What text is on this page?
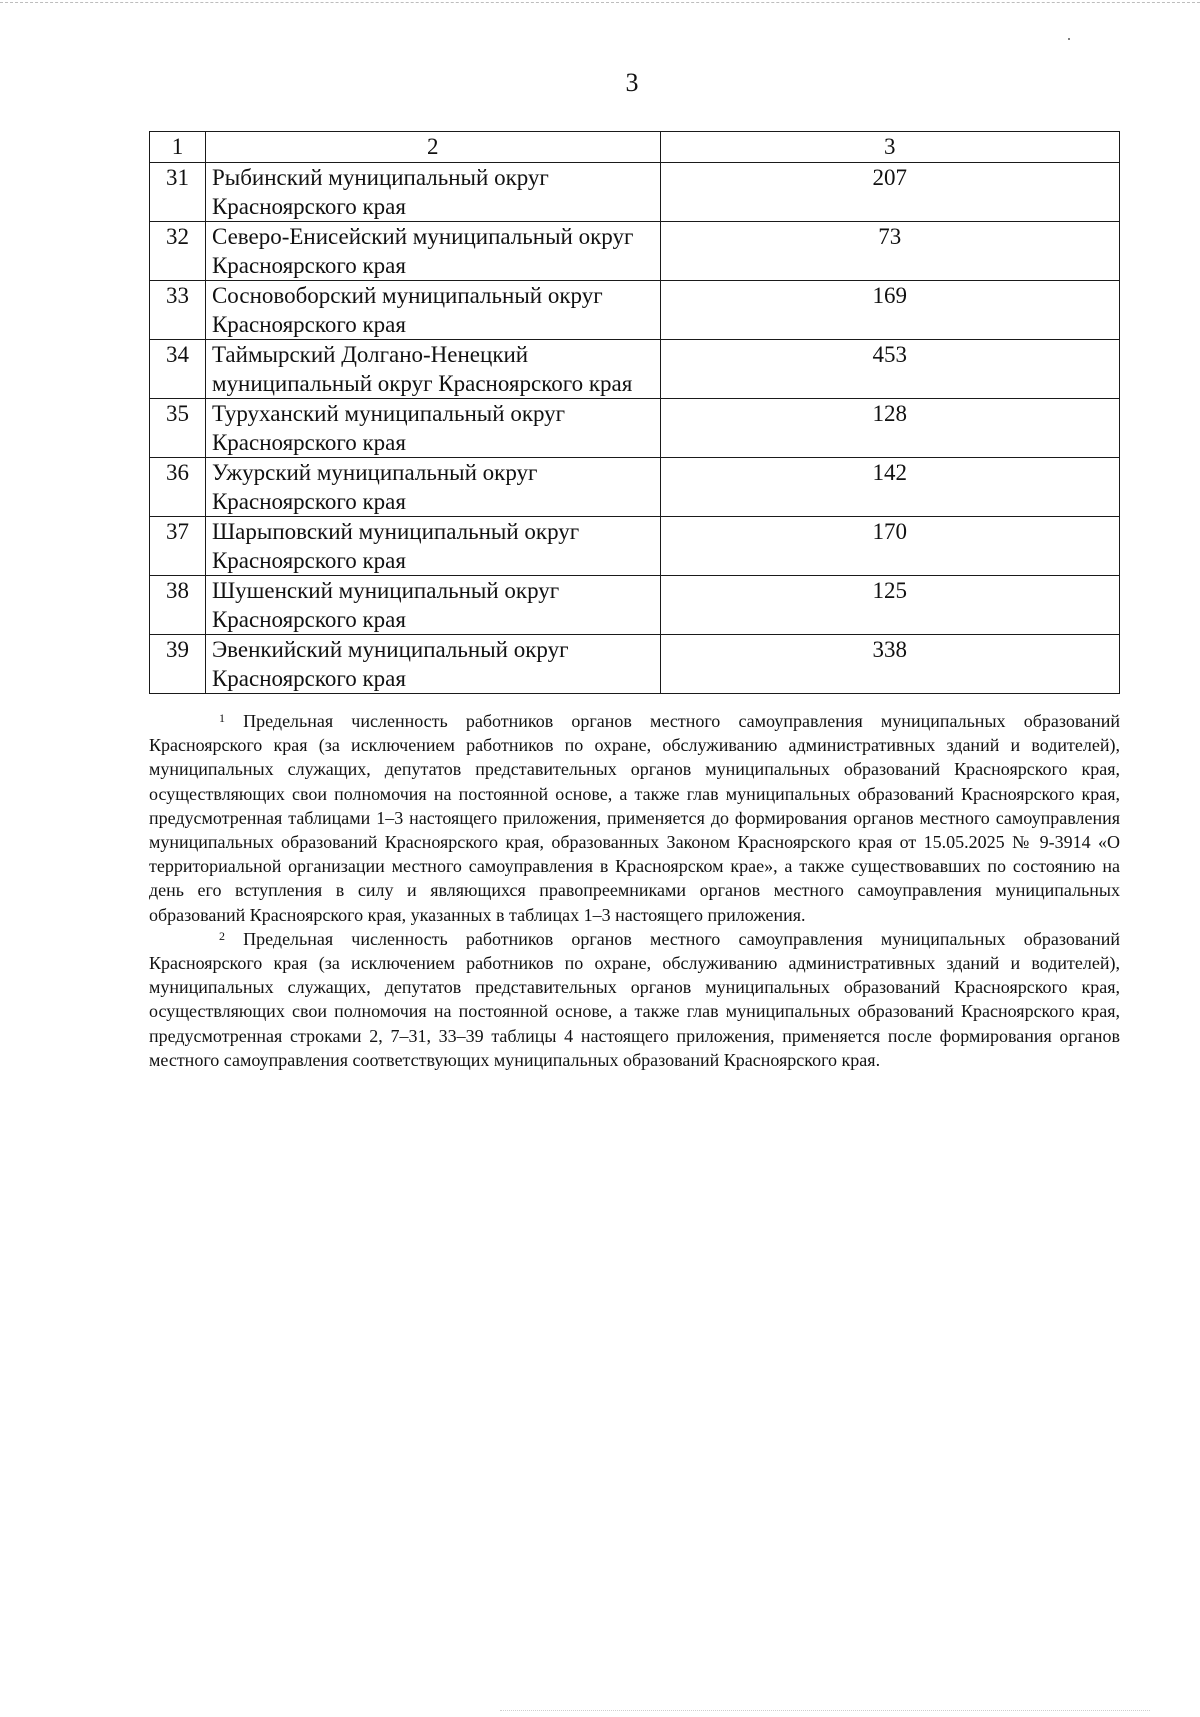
3
1	2	3
31	Рыбинский муниципальный округ Красноярского края	207
32	Северо-Енисейский муниципальный округ Красноярского края	73
33	Сосновоборский муниципальный округ Красноярского края	169
34	Таймырский Долгано-Ненецкий муниципальный округ Красноярского края	453
35	Туруханский муниципальный округ Красноярского края	128
36	Ужурский муниципальный округ Красноярского края	142
37	Шарыповский муниципальный округ Красноярского края	170
38	Шушенский муниципальный округ Красноярского края	125
39	Эвенкийский муниципальный округ Красноярского края	338

$^1$ Предельная численность работников органов местного самоуправления муниципальных образований Красноярского края (за исключением работников по охране, обслуживанию административных зданий и водителей), муниципальных служащих, депутатов представительных органов муниципальных образований Красноярского края, осуществляющих свои полномочия на постоянной основе, а также глав муниципальных образований Красноярского края, предусмотренная таблицами 1–3 настоящего приложения, применяется до формирования органов местного самоуправления муниципальных образований Красноярского края, образованных Законом Красноярского края от 15.05.2025 № 9-3914 «О территориальной организации местного самоуправления в Красноярском крае», а также существовавших по состоянию на день его вступления в силу и являющихся правопреемниками органов местного самоуправления муниципальных образований Красноярского края, указанных в таблицах 1–3 настоящего приложения.

$^2$ Предельная численность работников органов местного самоуправления муниципальных образований Красноярского края (за исключением работников по охране, обслуживанию административных зданий и водителей), муниципальных служащих, депутатов представительных органов муниципальных образований Красноярского края, осуществляющих свои полномочия на постоянной основе, а также глав муниципальных образований Красноярского края, предусмотренная строками 2, 7–31, 33–39 таблицы 4 настоящего приложения, применяется после формирования органов местного самоуправления соответствующих муниципальных образований Красноярского края.
